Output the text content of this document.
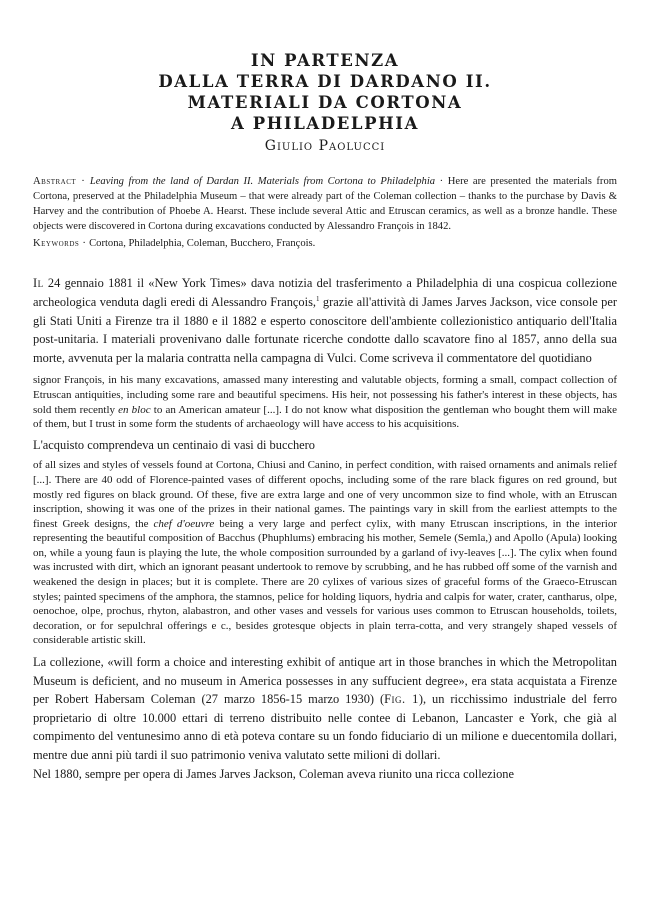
IN PARTENZA
DALLA TERRA DI DARDANO II.
MATERIALI DA CORTONA
A PHILADELPHIA

Giulio Paolucci

Abstract · Leaving from the land of Dardan II. Materials from Cortona to Philadelphia · Here are presented the materials from Cortona, preserved at the Philadelphia Museum – that were already part of the Coleman collection – thanks to the purchase by Davis & Harvey and the contribution of Phoebe A. Hearst. These include several Attic and Etruscan ceramics, as well as a bronze handle. These objects were discovered in Cortona during excavations conducted by Alessandro François in 1842.

Keywords · Cortona, Philadelphia, Coleman, Bucchero, François.

Il 24 gennaio 1881 il «New York Times» dava notizia del trasferimento a Philadelphia di una cospicua collezione archeologica venduta dagli eredi di Alessandro François,$^1$ grazie all'attività di James Jarves Jackson, vice console per gli Stati Uniti a Firenze tra il 1880 e il 1882 e esperto conoscitore dell'ambiente collezionistico antiquario dell'Italia post-unitaria. I materiali provenivano dalle fortunate ricerche condotte dallo scavatore fino al 1857, anno della sua morte, avvenuta per la malaria contratta nella campagna di Vulci. Come scriveva il commentatore del quotidiano

signor François, in his many excavations, amassed many interesting and valutable objects, forming a small, compact collection of Etruscan antiquities, including some rare and beautiful specimens. His heir, not possessing his father's interest in these objects, has sold them recently en bloc to an American amateur [...]. I do not know what disposition the gentleman who bought them will make of them, but I trust in some form the students of archaeology will have access to his acquisitions.

L'acquisto comprendeva un centinaio di vasi di bucchero

of all sizes and styles of vessels found at Cortona, Chiusi and Canino, in perfect condition, with raised ornaments and animals relief [...]. There are 40 odd of Florence-painted vases of different opochs, including some of the rare black figures on red ground, but mostly red figures on black ground. Of these, five are extra large and one of very uncommon size to find whole, with an Etruscan inscription, showing it was one of the prizes in their national games. The paintings vary in skill from the earliest attempts to the finest Greek designs, the chef d'oeuvre being a very large and perfect cylix, with many Etruscan inscriptions, in the interior representing the beautiful composition of Bacchus (Phuphlums) embracing his mother, Semele (Semla,) and Apollo (Apula) looking on, while a young faun is playing the lute, the whole composition surrounded by a garland of ivy-leaves [...]. The cylix when found was incrusted with dirt, which an ignorant peasant undertook to remove by scrubbing, and he has rubbed off some of the varnish and weakened the design in places; but it is complete. There are 20 cylixes of various sizes of graceful forms of the Graeco-Etruscan styles; painted specimens of the amphora, the stamnos, pelice for holding liquors, hydria and calpis for water, crater, cantharus, olpe, oenochoe, olpe, prochus, rhyton, alabastron, and other vases and vessels for various uses common to Etruscan households, toilets, decoration, or for sepulchral offerings e c., besides grotesque objects in plain terra-cotta, and very strangely shaped vessels of considerable artistic skill.

La collezione, «will form a choice and interesting exhibit of antique art in those branches in which the Metropolitan Museum is deficient, and no museum in America possesses in any suffucient degree», era stata acquistata a Firenze per Robert Habersam Coleman (27 marzo 1856-15 marzo 1930) (Fig. 1), un ricchissimo industriale del ferro proprietario di oltre 10.000 ettari di terreno distribuito nelle contee di Lebanon, Lancaster e York, che già al compimento del ventunesimo anno di età poteva contare su un fondo fiduciario di un milione e duecentomila dollari, mentre due anni più tardi il suo patrimonio veniva valutato sette milioni di dollari.

Nel 1880, sempre per opera di James Jarves Jackson, Coleman aveva riunito una ricca collezione
